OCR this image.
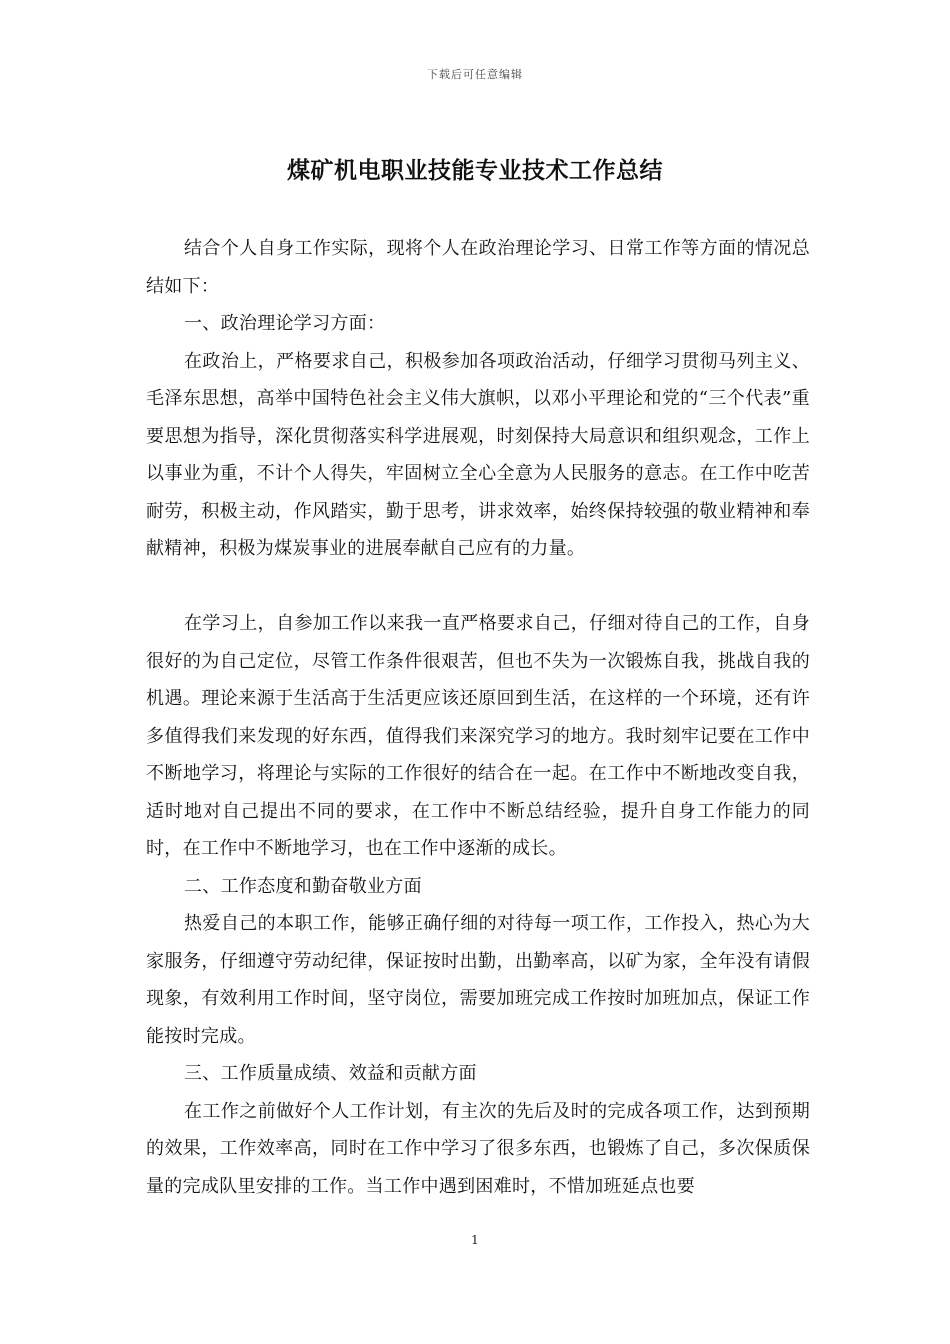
下载后可任意编辑
煤矿机电职业技能专业技术工作总结

结合个人自身工作实际，现将个人在政治理论学习、日常工作等方面的情况总结如下：

一、政治理论学习方面：

在政治上，严格要求自己，积极参加各项政治活动，仔细学习贯彻马列主义、毛泽东思想，高举中国特色社会主义伟大旗帜，以邓小平理论和党的“三个代表”重要思想为指导，深化贯彻落实科学进展观，时刻保持大局意识和组织观念，工作上以事业为重，不计个人得失，牢固树立全心全意为人民服务的意志。在工作中吃苦耐劳，积极主动，作风踏实，勤于思考，讲求效率，始终保持较强的敬业精神和奉献精神，积极为煤炭事业的进展奉献自己应有的力量。

在学习上，自参加工作以来我一直严格要求自己，仔细对待自己的工作，自身很好的为自己定位，尽管工作条件很艰苦，但也不失为一次锻炼自我，挑战自我的机遇。理论来源于生活高于生活更应该还原回到生活，在这样的一个环境，还有许多值得我们来发现的好东西，值得我们来深究学习的地方。我时刻牢记要在工作中不断地学习，将理论与实际的工作很好的结合在一起。在工作中不断地改变自我，适时地对自己提出不同的要求，在工作中不断总结经验，提升自身工作能力的同时，在工作中不断地学习，也在工作中逐渐的成长。

二、工作态度和勤奋敬业方面

热爱自己的本职工作，能够正确仔细的对待每一项工作，工作投入，热心为大家服务，仔细遵守劳动纪律，保证按时出勤，出勤率高，以矿为家，全年没有请假现象，有效利用工作时间，坚守岗位，需要加班完成工作按时加班加点，保证工作能按时完成。

三、工作质量成绩、效益和贡献方面

在工作之前做好个人工作计划，有主次的先后及时的完成各项工作，达到预期的效果，工作效率高，同时在工作中学习了很多东西，也锻炼了自己，多次保质保量的完成队里安排的工作。当工作中遇到困难时，不惜加班延点也要

1
